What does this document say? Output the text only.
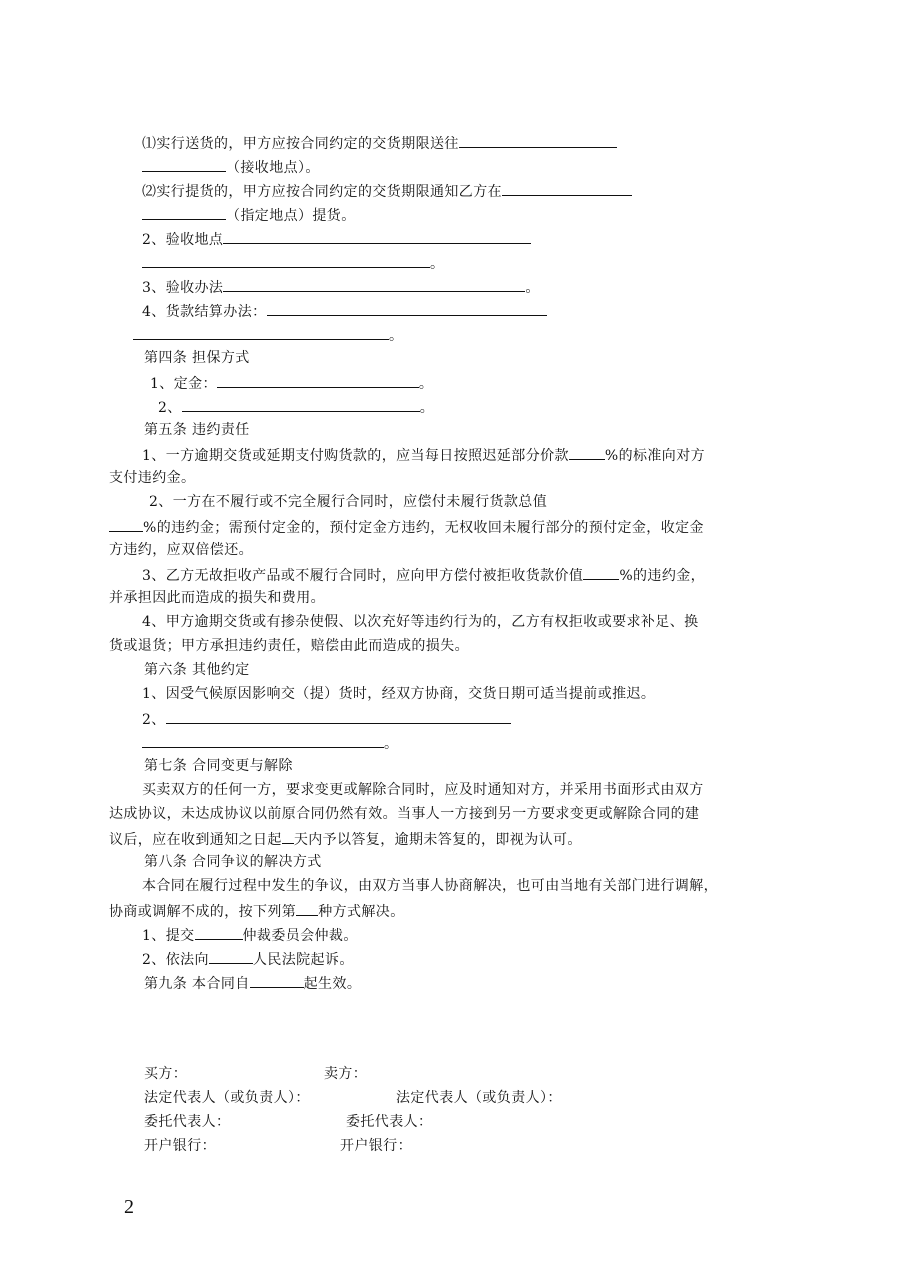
⑴实行送货的，甲方应按合同约定的交货期限送往
（接收地点）。
⑵实行提货的，甲方应按合同约定的交货期限通知乙方在
（指定地点）提货。
2、验收地点
。
3、验收办法	。
4、货款结算办法：
。
第四条 担保方式
1、定金：	。
2、	。
第五条 违约责任
1、一方逾期交货或延期支付购货款的，应当每日按照迟延部分价款	%的标准向对方
支付违约金。
2、一方在不履行或不完全履行合同时，应偿付未履行货款总值
%的违约金；需预付定金的，预付定金方违约，无权收回未履行部分的预付定金，收定金
方违约，应双倍偿还。
3、乙方无故拒收产品或不履行合同时，应向甲方偿付被拒收货款价值	%的违约金，
并承担因此而造成的损失和费用。
4、甲方逾期交货或有掺杂使假、以次充好等违约行为的，乙方有权拒收或要求补足、换
货或退货；甲方承担违约责任，赔偿由此而造成的损失。
第六条 其他约定
1、因受气候原因影响交（提）货时，经双方协商，交货日期可适当提前或推迟。
2、
。
第七条 合同变更与解除
买卖双方的任何一方，要求变更或解除合同时，应及时通知对方，并采用书面形式由双方
达成协议，未达成协议以前原合同仍然有效。当事人一方接到另一方要求变更或解除合同的建
议后，应在收到通知之日起 天内予以答复，逾期未答复的，即视为认可。
第八条 合同争议的解决方式
本合同在履行过程中发生的争议，由双方当事人协商解决，也可由当地有关部门进行调解，
协商或调解不成的，按下列第 种方式解决。
1、提交	仲裁委员会仲裁。
2、依法向	人民法院起诉。
第九条 本合同自	起生效。
买方：	卖方：
法定代表人（或负责人）：	法定代表人（或负责人）：
委托代表人：	委托代表人：
开户银行：	开户银行：
2
